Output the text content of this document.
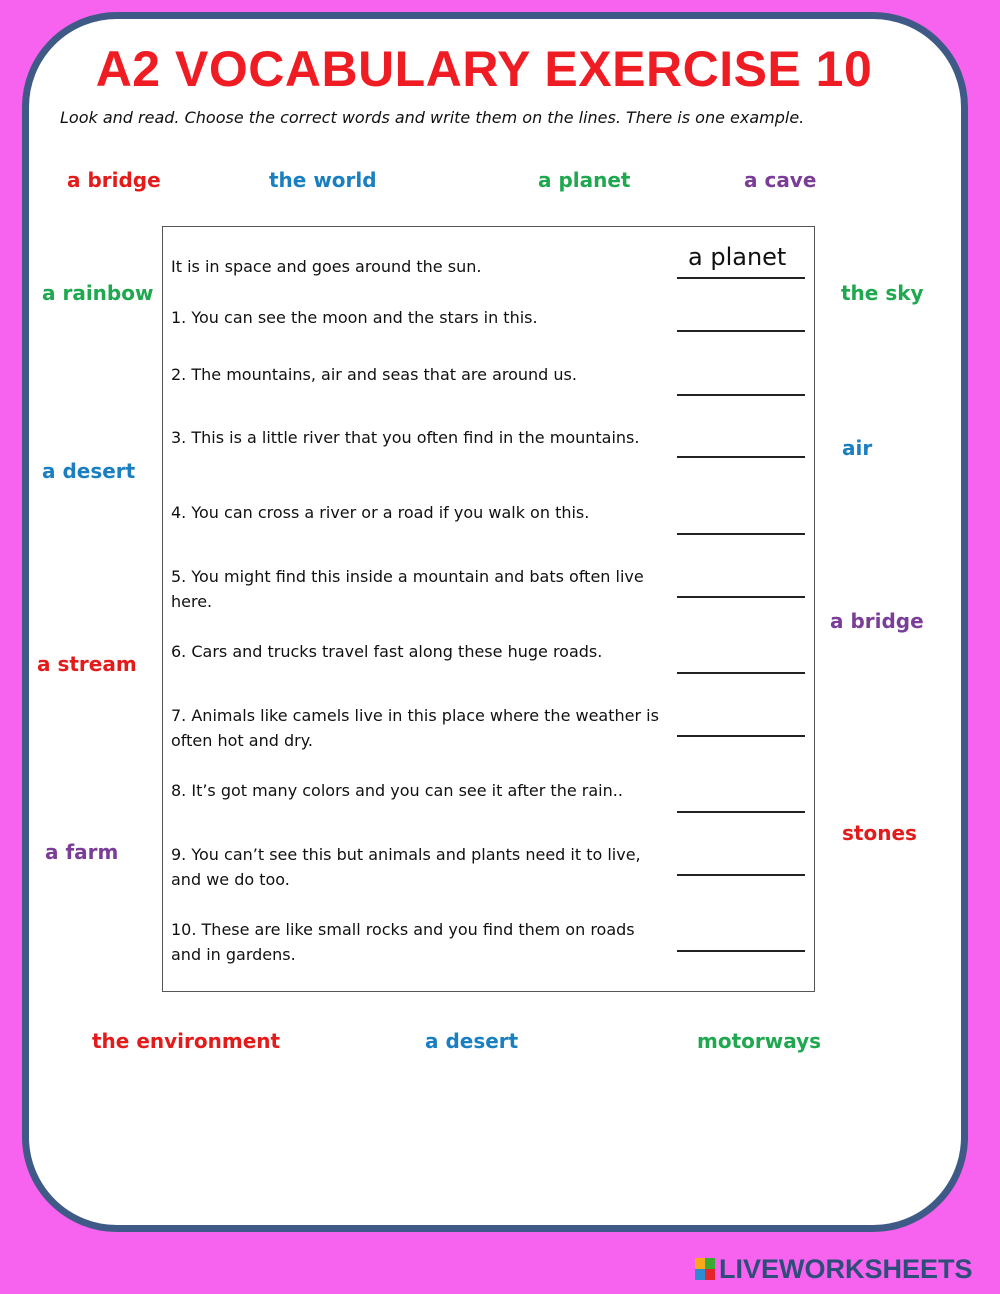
A2 VOCABULARY EXERCISE 10
Look and read. Choose the correct words and write them on the lines. There is one example.
a bridge	the world	a planet	a cave
a rainbow
a desert
a stream
a farm
the sky
air
a bridge
stones
the environment	a desert	motorways
It is in space and goes around the sun.	a planet
1. You can see the moon and the stars in this.
2. The mountains, air and seas that are around us.
3. This is a little river that you often find in the mountains.
4. You can cross a river or a road if you walk on this.
5. You might find this inside a mountain and bats often live here.
6. Cars and trucks travel fast along these huge roads.
7. Animals like camels live in this place where the weather is often hot and dry.
8. It’s got many colors and you can see it after the rain..
9. You can’t see this but animals and plants need it to live, and we do too.
10. These are like small rocks and you find them on roads and in gardens.
LIVEWORKSHEETS
